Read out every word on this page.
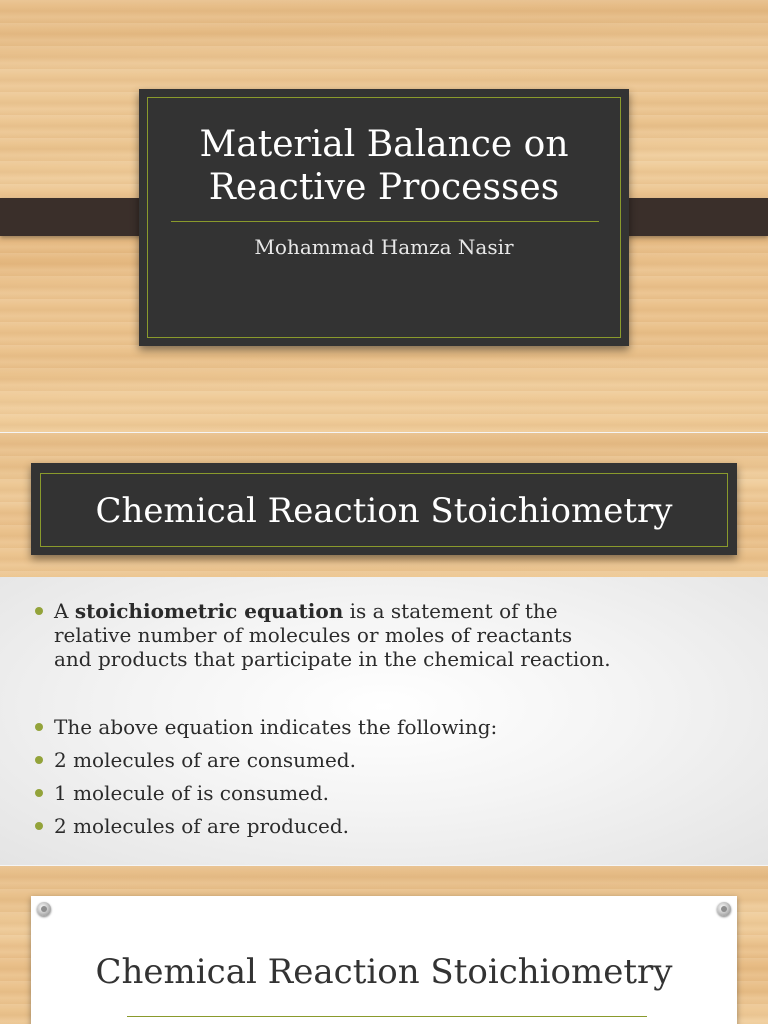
Material Balance on
Reactive Processes
Mohammad Hamza Nasir
Chemical Reaction Stoichiometry
A stoichiometric equation is a statement of the
relative number of molecules or moles of reactants
and products that participate in the chemical reaction.
The above equation indicates the following:
2 molecules of are consumed.
1 molecule of is consumed.
2 molecules of are produced.
Chemical Reaction Stoichiometry
